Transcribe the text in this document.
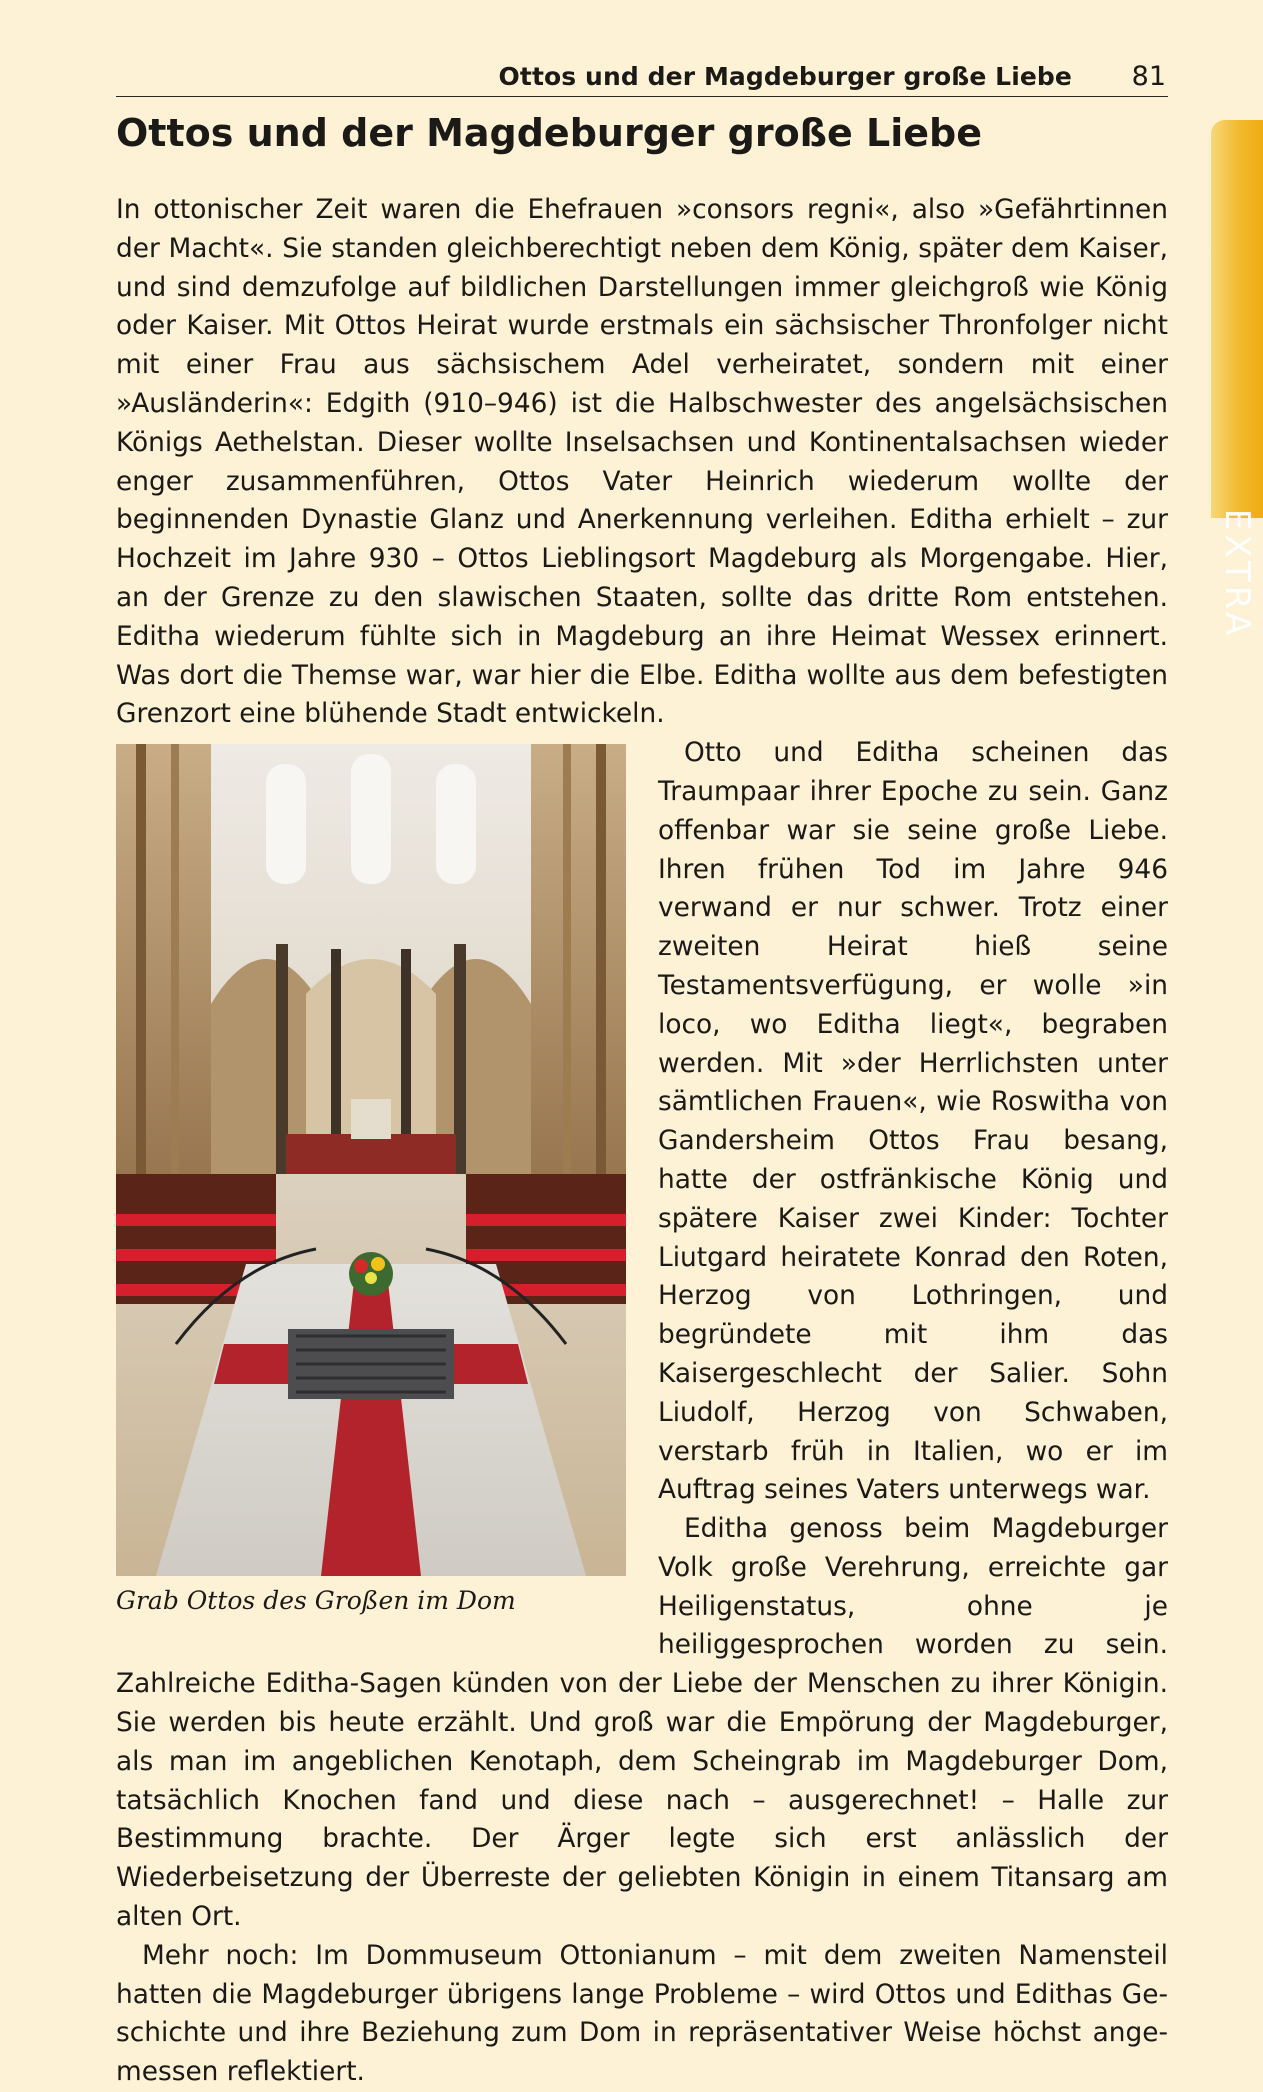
Ottos und der Magdeburger große Liebe 81
EXTRA
Ottos und der Magdeburger große Liebe

In ottonischer Zeit waren die Ehefrauen »consors regni«, also »Gefährtinnen der Macht«. Sie standen gleichberechtigt neben dem König, später dem Kaiser, und sind demzufolge auf bildlichen Darstellungen immer gleichgroß wie König oder Kaiser. Mit Ottos Heirat wurde erstmals ein sächsischer Thronfolger nicht mit einer Frau aus sächsischem Adel verheiratet, sondern mit einer »Ausländerin«: Edgith (910–946) ist die Halbschwester des angelsächsischen Königs Aethelstan. Dieser wollte Inselsachsen und Kontinentalsachsen wieder enger zusammenführen, Ottos Vater Heinrich wiederum wollte der beginnenden Dynastie Glanz und Anerkennung verleihen. Editha erhielt – zur Hochzeit im Jahre 930 – Ottos Lieblingsort Magdeburg als Morgengabe. Hier, an der Grenze zu den slawischen Staaten, sollte das dritte Rom entstehen. Editha wiederum fühlte sich in Magdeburg an ihre Heimat Wessex erinnert. Was dort die Themse war, war hier die Elbe. Editha wollte aus dem befestigten Grenzort eine blühende Stadt entwickeln.

Grab Ottos des Großen im Dom

Otto und Editha scheinen das Traumpaar ihrer Epoche zu sein. Ganz offenbar war sie seine große Liebe. Ihren frühen Tod im Jahre 946 verwand er nur schwer. Trotz einer zweiten Heirat hieß seine Testamentsverfügung, er wolle »in loco, wo Editha liegt«, begraben werden. Mit »der Herrlichsten unter sämtlichen Frauen«, wie Roswitha von Gandersheim Ottos Frau besang, hatte der ostfränkische König und spätere Kaiser zwei Kinder: Tochter Liutgard heiratete Konrad den Roten, Herzog von Lothringen, und begründete mit ihm das Kaisergeschlecht der Salier. Sohn Liudolf, Herzog von Schwaben, verstarb früh in Italien, wo er im Auftrag seines Vaters unterwegs war.

Editha genoss beim Magdeburger Volk große Verehrung, erreichte gar Heiligenstatus, ohne je heiliggesprochen worden zu sein. Zahlreiche Editha-Sagen künden von der Liebe der Menschen zu ihrer Königin. Sie werden bis heute erzählt. Und groß war die Empörung der Magdeburger, als man im angeblichen Kenotaph, dem Scheingrab im Magdeburger Dom, tatsächlich Knochen fand und diese nach – ausgerechnet! – Halle zur Bestimmung brachte. Der Ärger legte sich erst anlässlich der Wiederbeisetzung der Überreste der geliebten Königin in einem Titansarg am alten Ort.

Mehr noch: Im Dommuseum Ottonianum – mit dem zweiten Namensteil hatten die Magdeburger übrigens lange Probleme – wird Ottos und Edithas Geschichte und ihre Beziehung zum Dom in repräsentativer Weise höchst angemessen reflektiert.
